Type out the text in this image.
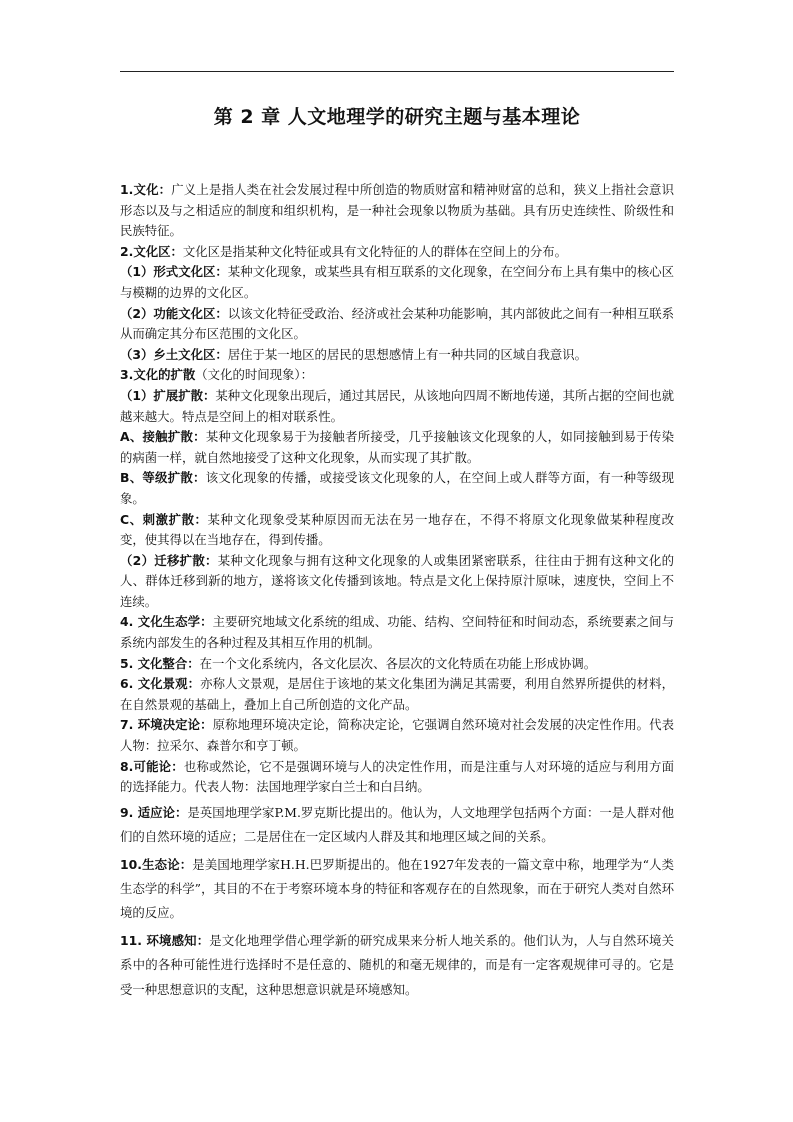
第 2 章 人文地理学的研究主题与基本理论

1.文化：广义上是指人类在社会发展过程中所创造的物质财富和精神财富的总和，狭义上指社会意识形态以及与之相适应的制度和组织机构，是一种社会现象以物质为基础。具有历史连续性、阶级性和民族特征。

2.文化区：文化区是指某种文化特征或具有文化特征的人的群体在空间上的分布。

（1）形式文化区：某种文化现象，或某些具有相互联系的文化现象，在空间分布上具有集中的核心区与模糊的边界的文化区。

（2）功能文化区：以该文化特征受政治、经济或社会某种功能影响，其内部彼此之间有一种相互联系从而确定其分布区范围的文化区。

（3）乡土文化区：居住于某一地区的居民的思想感情上有一种共同的区域自我意识。

3.文化的扩散（文化的时间现象）：

（1）扩展扩散：某种文化现象出现后，通过其居民，从该地向四周不断地传递，其所占据的空间也就越来越大。特点是空间上的相对联系性。

A、接触扩散：某种文化现象易于为接触者所接受，几乎接触该文化现象的人，如同接触到易于传染的病菌一样，就自然地接受了这种文化现象，从而实现了其扩散。

B、等级扩散：该文化现象的传播，或接受该文化现象的人，在空间上或人群等方面，有一种等级现象。

C、刺激扩散：某种文化现象受某种原因而无法在另一地存在，不得不将原文化现象做某种程度改变，使其得以在当地存在，得到传播。

（2）迁移扩散：某种文化现象与拥有这种文化现象的人或集团紧密联系，往往由于拥有这种文化的人、群体迁移到新的地方，遂将该文化传播到该地。特点是文化上保持原汁原味，速度快，空间上不连续。

4. 文化生态学：主要研究地域文化系统的组成、功能、结构、空间特征和时间动态，系统要素之间与系统内部发生的各种过程及其相互作用的机制。

5. 文化整合：在一个文化系统内，各文化层次、各层次的文化特质在功能上形成协调。

6. 文化景观：亦称人文景观，是居住于该地的某文化集团为满足其需要，利用自然界所提供的材料，在自然景观的基础上，叠加上自己所创造的文化产品。

7. 环境决定论：原称地理环境决定论，简称决定论，它强调自然环境对社会发展的决定性作用。代表人物：拉采尔、森普尔和亨丁顿。

8.可能论：也称或然论，它不是强调环境与人的决定性作用，而是注重与人对环境的适应与利用方面的选择能力。代表人物：法国地理学家白兰士和白吕纳。

9. 适应论：是英国地理学家P.M.罗克斯比提出的。他认为，人文地理学包括两个方面：一是人群对他们的自然环境的适应；二是居住在一定区域内人群及其和地理区域之间的关系。

10.生态论：是美国地理学家H.H.巴罗斯提出的。他在1927年发表的一篇文章中称，地理学为“人类生态学的科学”，其目的不在于考察环境本身的特征和客观存在的自然现象，而在于研究人类对自然环境的反应。

11. 环境感知：是文化地理学借心理学新的研究成果来分析人地关系的。他们认为，人与自然环境关系中的各种可能性进行选择时不是任意的、随机的和毫无规律的，而是有一定客观规律可寻的。它是受一种思想意识的支配，这种思想意识就是环境感知。
